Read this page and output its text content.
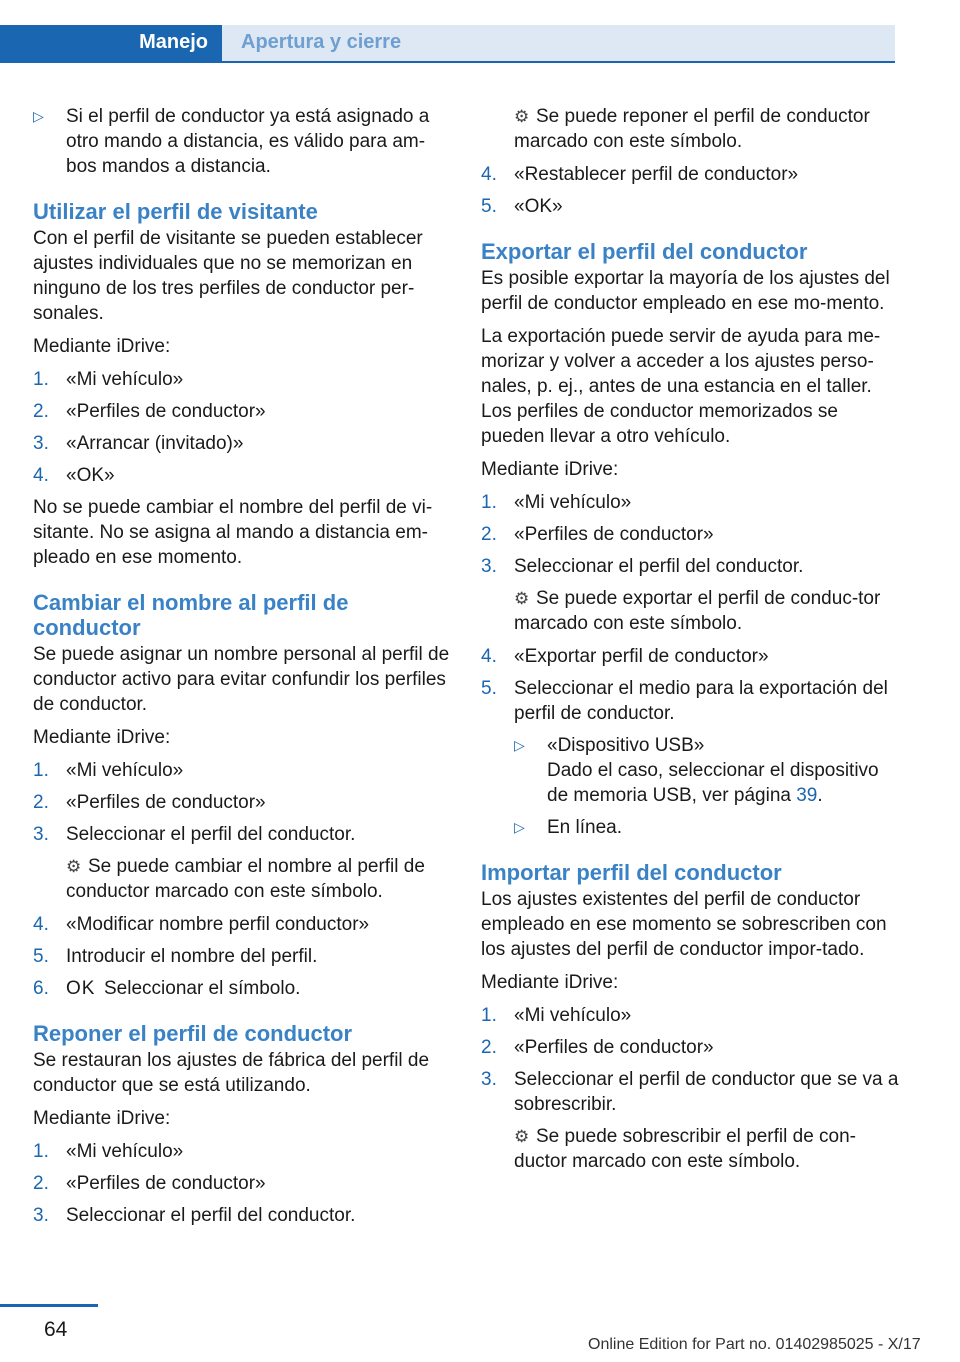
Manejo Apertura y cierre
▷ Si el perfil de conductor ya está asignado a otro mando a distancia, es válido para am‐bos mandos a distancia.
Utilizar el perfil de visitante

Con el perfil de visitante se pueden establecer ajustes individuales que no se memorizan en ninguno de los tres perfiles de conductor per‐sonales.

Mediante iDrive:

1. «Mi vehículo»
2. «Perfiles de conductor»
3. «Arrancar (invitado)»
4. «OK»

No se puede cambiar el nombre del perfil de vi‐sitante. No se asigna al mando a distancia em‐pleado en ese momento.

Cambiar el nombre al perfil de conductor

Se puede asignar un nombre personal al perfil de conductor activo para evitar confundir los perfiles de conductor.

Mediante iDrive:

1. «Mi vehículo»
2. «Perfiles de conductor»
3. Seleccionar el perfil del conductor.
⚙ Se puede cambiar el nombre al perfil de conductor marcado con este símbolo.
4. «Modificar nombre perfil conductor»
5. Introducir el nombre del perfil.
6. OK Seleccionar el símbolo.
Reponer el perfil de conductor

Se restauran los ajustes de fábrica del perfil de conductor que se está utilizando.

Mediante iDrive:

1. «Mi vehículo»
2. «Perfiles de conductor»
3. Seleccionar el perfil del conductor.
⚙ Se puede reponer el perfil de conductor marcado con este símbolo.
4. «Restablecer perfil de conductor»
5. «OK»
Exportar el perfil del conductor

Es posible exportar la mayoría de los ajustes del perfil de conductor empleado en ese mo‐mento.

La exportación puede servir de ayuda para me‐morizar y volver a acceder a los ajustes perso‐nales, p. ej., antes de una estancia en el taller. Los perfiles de conductor memorizados se pueden llevar a otro vehículo.

Mediante iDrive:

1. «Mi vehículo»
2. «Perfiles de conductor»
3. Seleccionar el perfil del conductor.
⚙ Se puede exportar el perfil de conduc‐tor marcado con este símbolo.
4. «Exportar perfil de conductor»
5. Seleccionar el medio para la exportación del perfil de conductor.
▷ «Dispositivo USB»
Dado el caso, seleccionar el dispositivo de memoria USB, ver página 39.
▷ En línea.
Importar perfil del conductor

Los ajustes existentes del perfil de conductor empleado en ese momento se sobrescriben con los ajustes del perfil de conductor impor‐tado.

Mediante iDrive:

1. «Mi vehículo»
2. «Perfiles de conductor»
3. Seleccionar el perfil de conductor que se va a sobrescribir.
⚙ Se puede sobrescribir el perfil de con‐ductor marcado con este símbolo.
64
Online Edition for Part no. 01402985025 - X/17
